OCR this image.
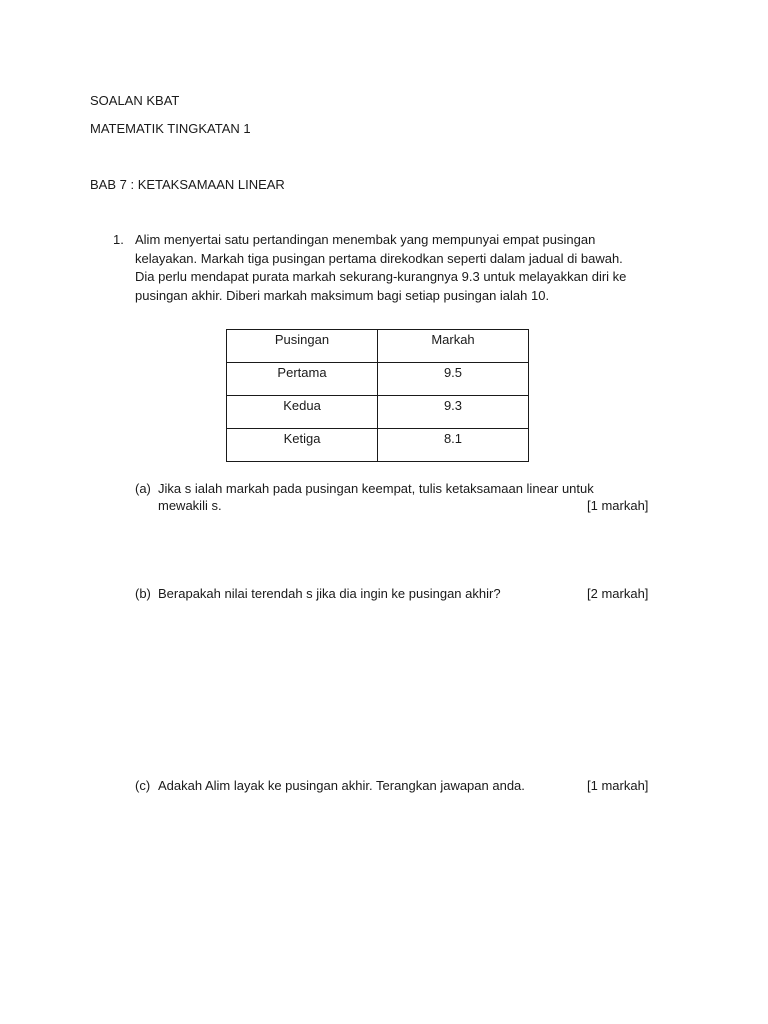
SOALAN KBAT
MATEMATIK TINGKATAN 1
BAB 7 : KETAKSAMAAN LINEAR
1. Alim menyertai satu pertandingan menembak yang mempunyai empat pusingan
kelayakan. Markah tiga pusingan pertama direkodkan seperti dalam jadual di bawah.
Dia perlu mendapat purata markah sekurang-kurangnya 9.3 untuk melayakkan diri ke
pusingan akhir. Diberi markah maksimum bagi setiap pusingan ialah 10.
Pusingan	Markah

Pertama	9.5

Kedua	9.3

Ketiga	8.1
(a) Jika s ialah markah pada pusingan keempat, tulis ketaksamaan linear untuk
mewakili s.	[1 markah]
(b) Berapakah nilai terendah s jika dia ingin ke pusingan akhir?	[2 markah]
(c) Adakah Alim layak ke pusingan akhir. Terangkan jawapan anda.	[1 markah]
